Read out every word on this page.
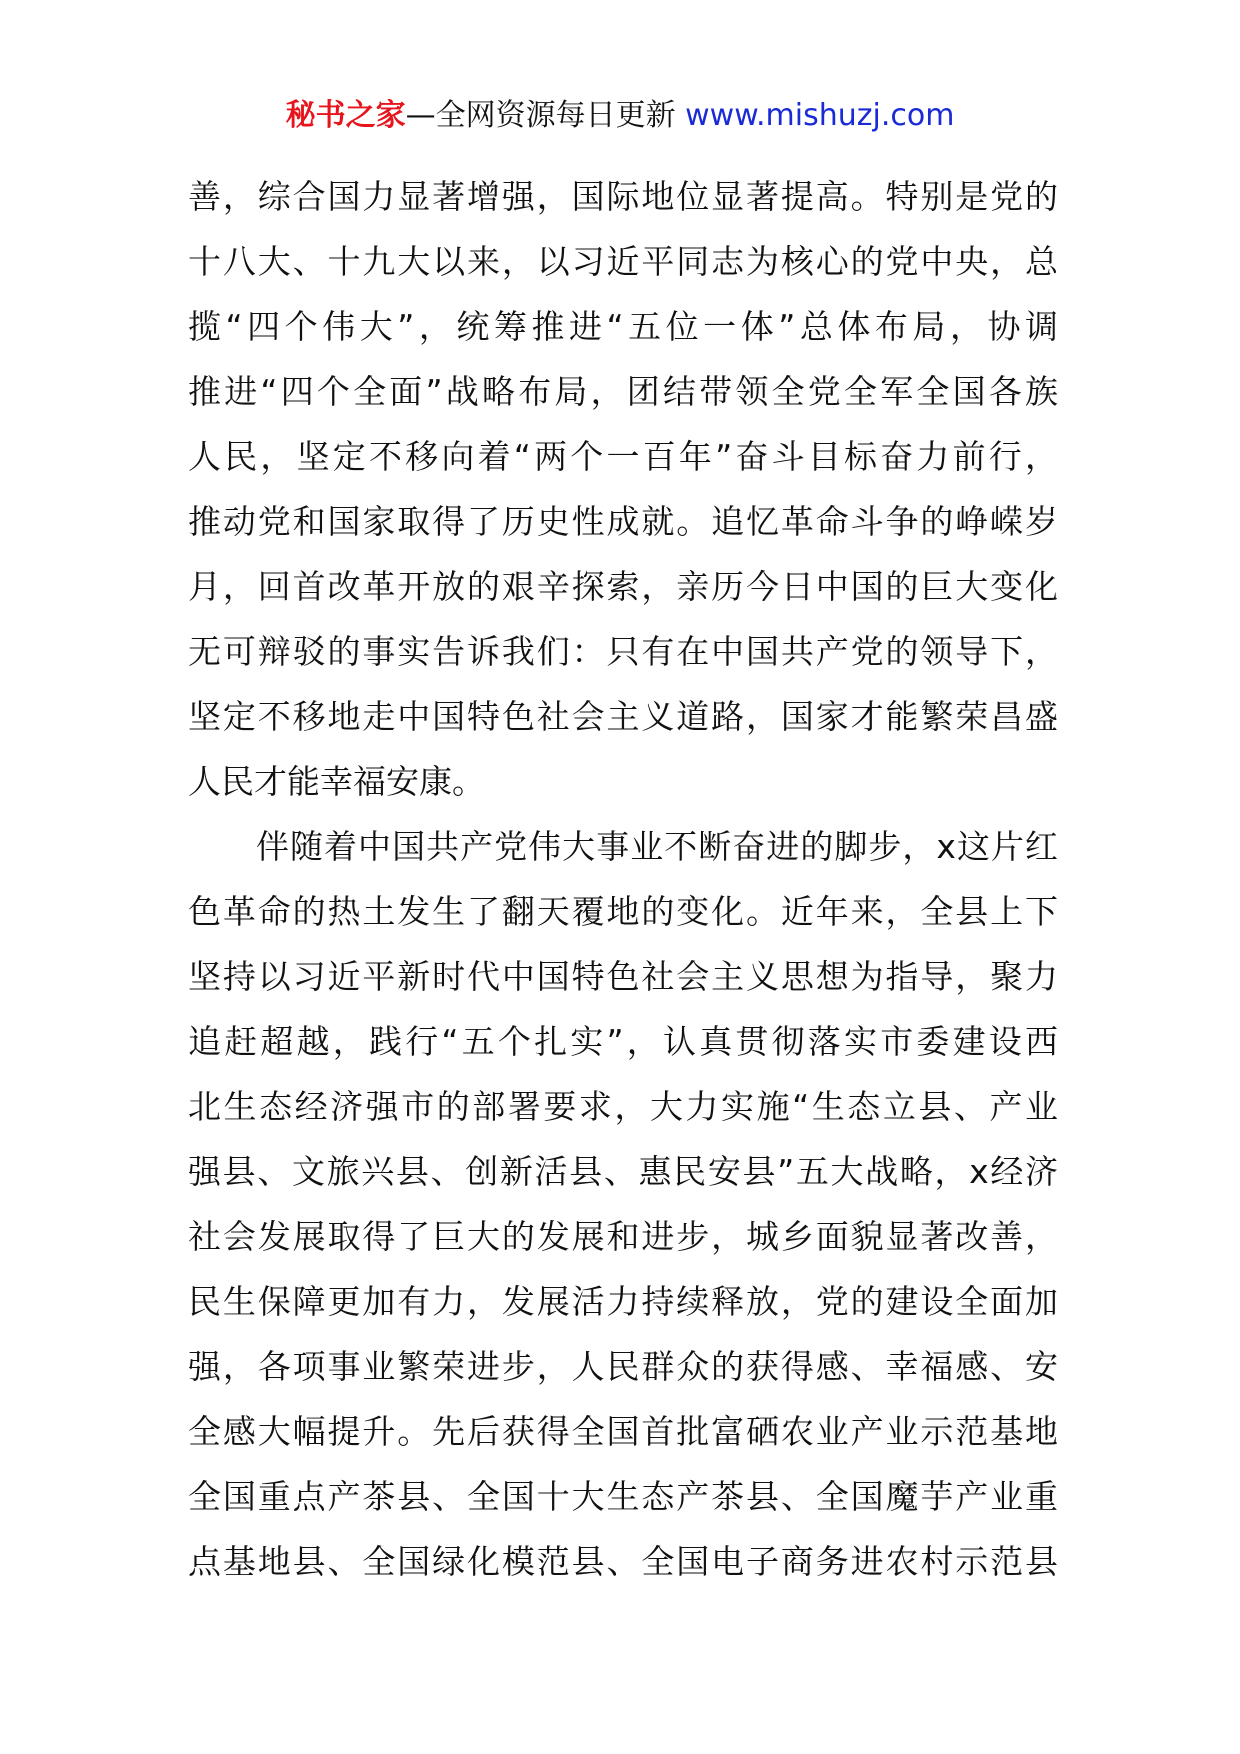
秘书之家—全网资源每日更新 www.mishuzj.com
善，综合国力显著增强，国际地位显著提高。特别是党的
十八大、十九大以来，以习近平同志为核心的党中央，总
揽“四个伟大”，统筹推进“五位一体”总体布局，协调
推进“四个全面”战略布局，团结带领全党全军全国各族
人民，坚定不移向着“两个一百年”奋斗目标奋力前行，
推动党和国家取得了历史性成就。追忆革命斗争的峥嵘岁
月，回首改革开放的艰辛探索，亲历今日中国的巨大变化
无可辩驳的事实告诉我们：只有在中国共产党的领导下，
坚定不移地走中国特色社会主义道路，国家才能繁荣昌盛
人民才能幸福安康。
伴随着中国共产党伟大事业不断奋进的脚步，x这片红
色革命的热土发生了翻天覆地的变化。近年来，全县上下
坚持以习近平新时代中国特色社会主义思想为指导，聚力
追赶超越，践行“五个扎实”，认真贯彻落实市委建设西
北生态经济强市的部署要求，大力实施“生态立县、产业
强县、文旅兴县、创新活县、惠民安县”五大战略，x经济
社会发展取得了巨大的发展和进步，城乡面貌显著改善，
民生保障更加有力，发展活力持续释放，党的建设全面加
强，各项事业繁荣进步，人民群众的获得感、幸福感、安
全感大幅提升。先后获得全国首批富硒农业产业示范基地
全国重点产茶县、全国十大生态产茶县、全国魔芋产业重
点基地县、全国绿化模范县、全国电子商务进农村示范县
